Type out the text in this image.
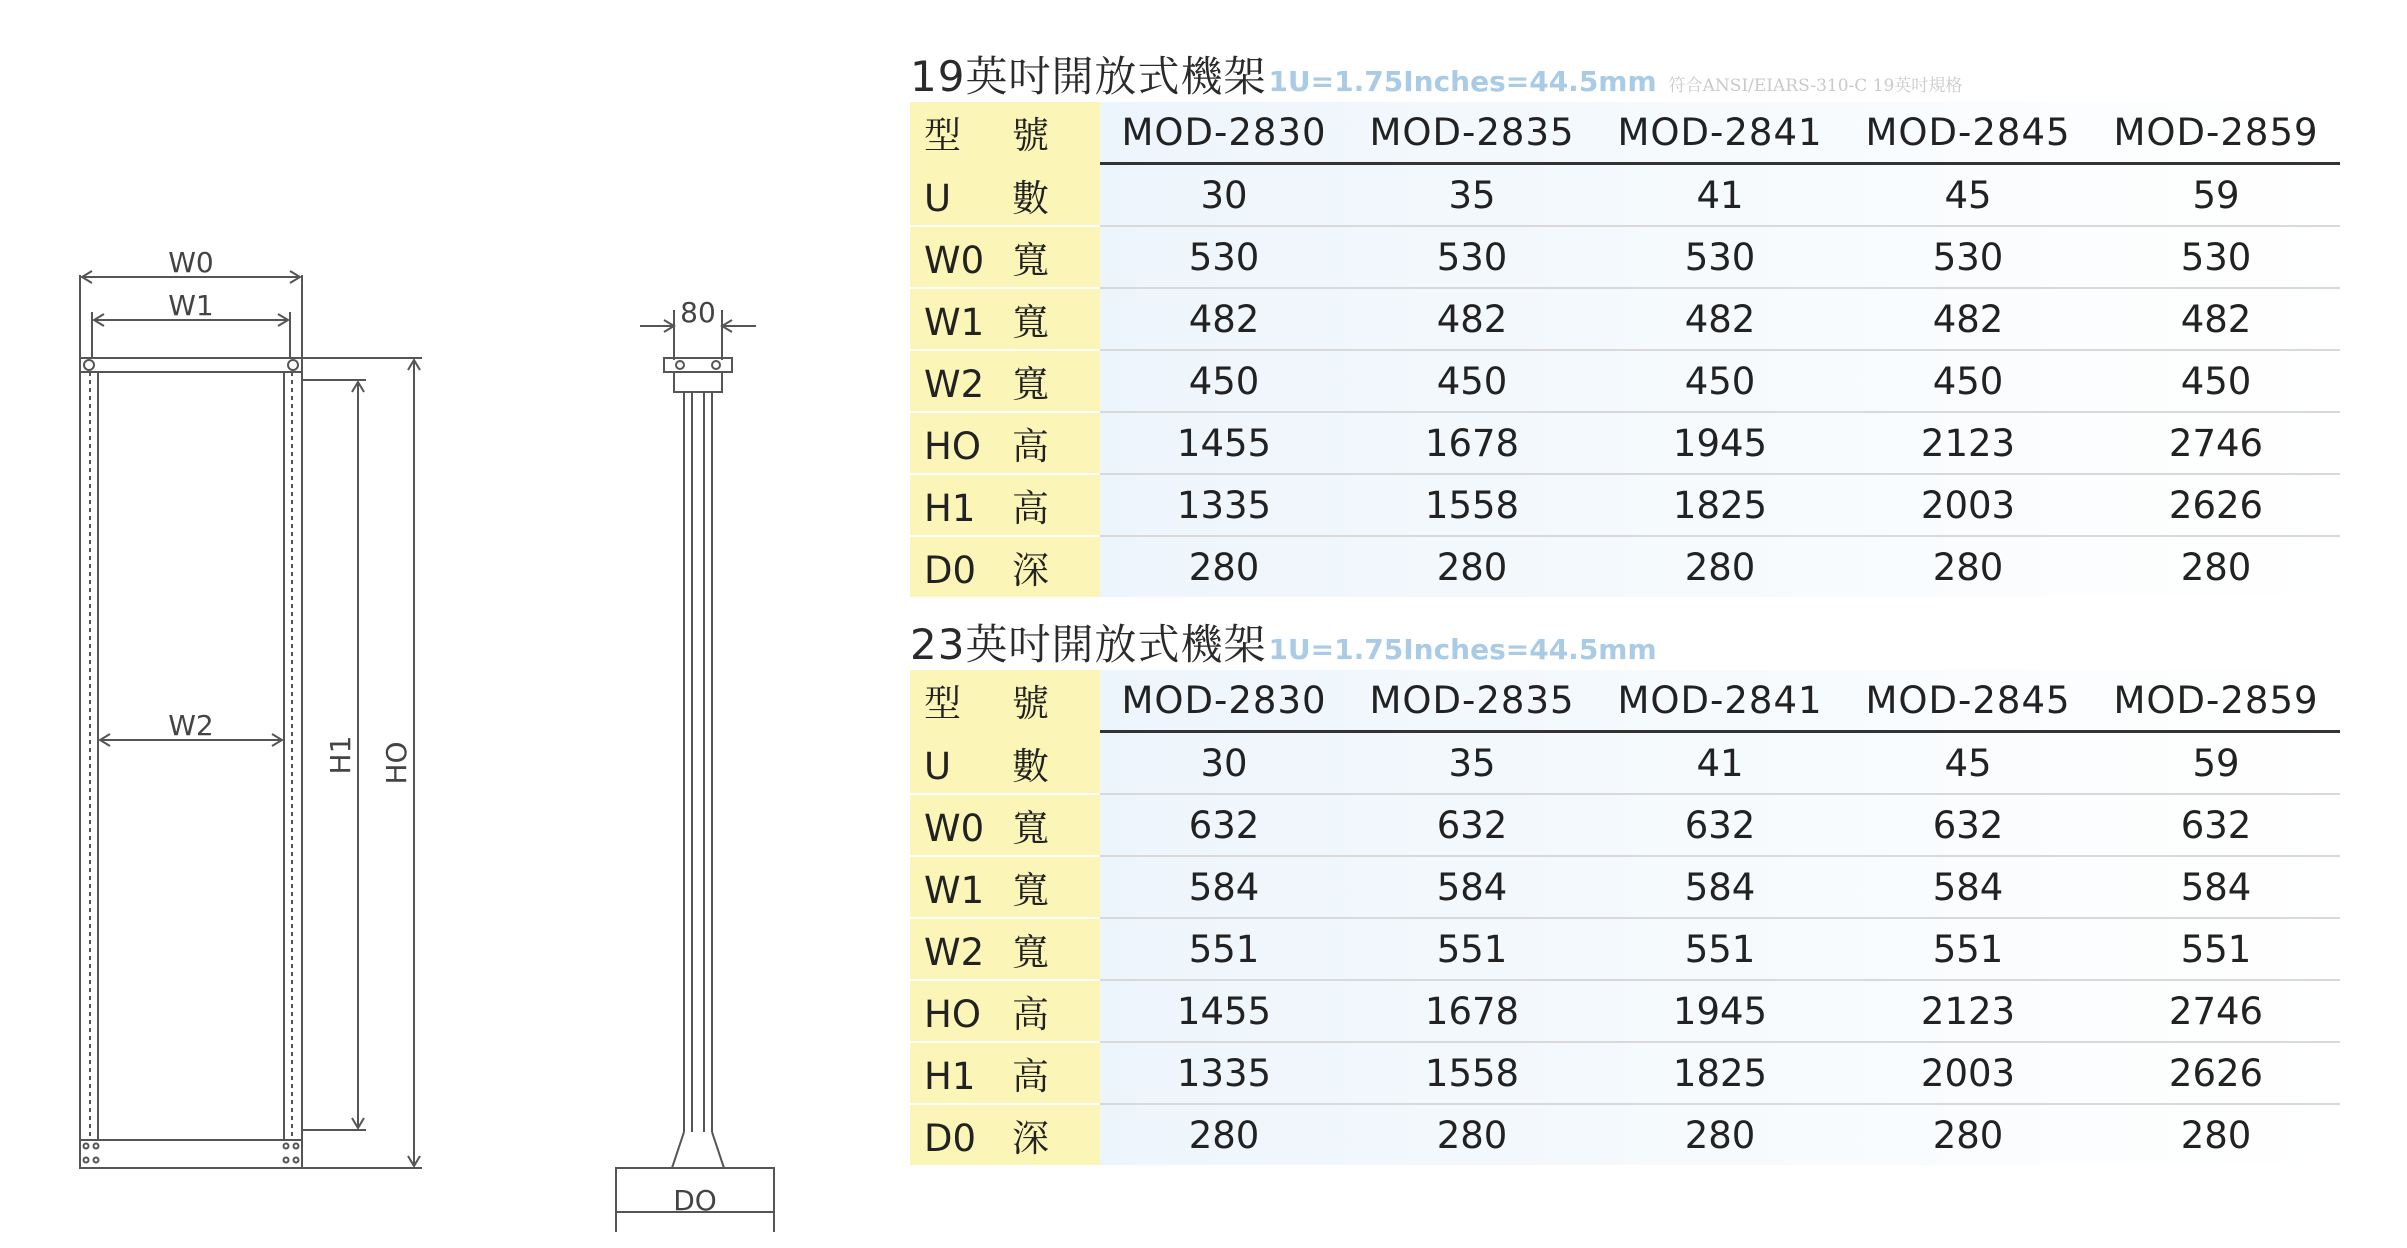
W0
W1
W2
H1 HO
80
DO
19英吋開放式機架1U=1.75Inches=44.5mm 符合ANSI/EIARS-310-C 19英吋規格
型 號	MOD-2830	MOD-2835	MOD-2841	MOD-2845	MOD-2859
U 數	30	35	41	45	59
W0 寬	530	530	530	530	530
W1 寬	482	482	482	482	482
W2 寬	450	450	450	450	450
HO 高	1455	1678	1945	2123	2746
H1 高	1335	1558	1825	2003	2626
D0 深	280	280	280	280	280
23英吋開放式機架1U=1.75Inches=44.5mm
型 號	MOD-2830	MOD-2835	MOD-2841	MOD-2845	MOD-2859
U 數	30	35	41	45	59
W0 寬	632	632	632	632	632
W1 寬	584	584	584	584	584
W2 寬	551	551	551	551	551
HO 高	1455	1678	1945	2123	2746
H1 高	1335	1558	1825	2003	2626
D0 深	280	280	280	280	280
